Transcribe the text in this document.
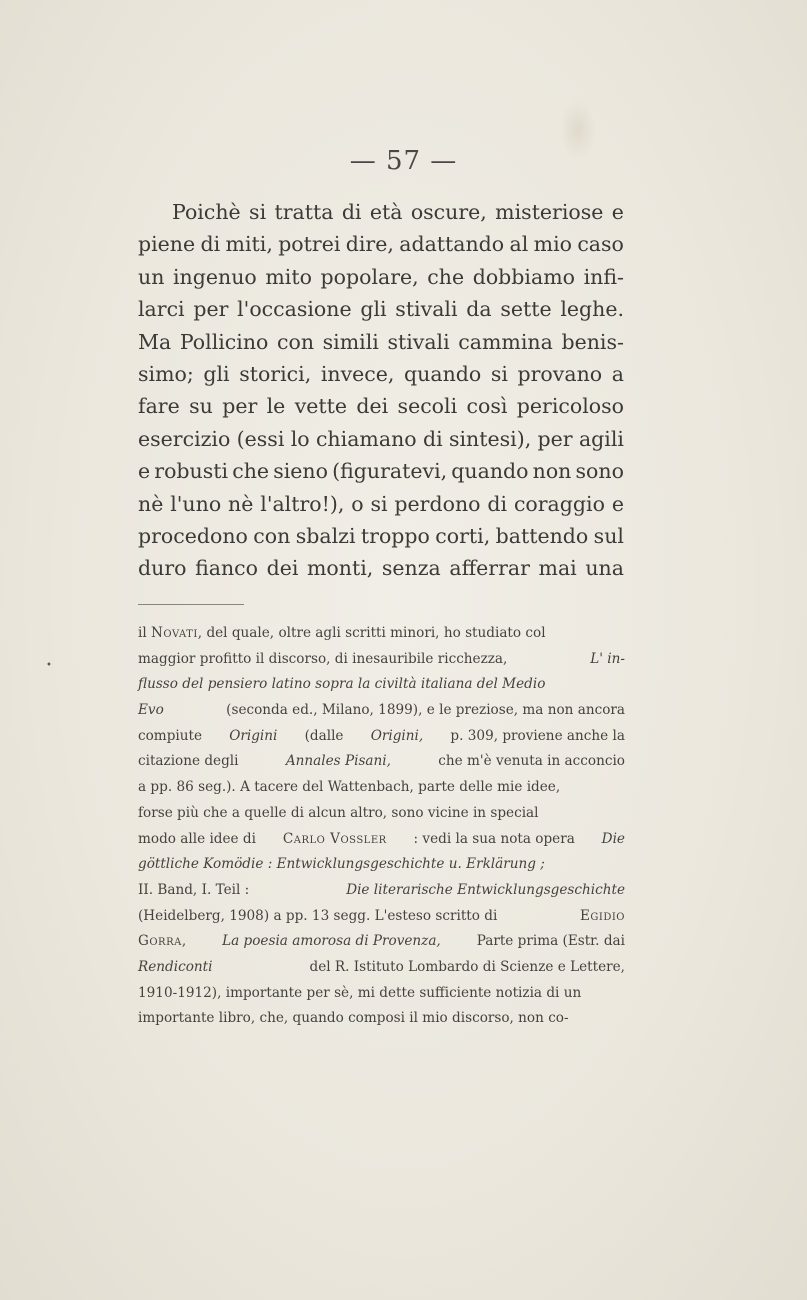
— 57 —
Poichè si tratta di età oscure, misteriose e
piene di miti, potrei dire, adattando al mio caso
un ingenuo mito popolare, che dobbiamo infi-
larci per l'occasione gli stivali da sette leghe.
Ma Pollicino con simili stivali cammina benis-
simo; gli storici, invece, quando si provano a
fare su per le vette dei secoli così pericoloso
esercizio (essi lo chiamano di sintesi), per agili
e robusti che sieno (figuratevi, quando non sono
nè l'uno nè l'altro!), o si perdono di coraggio e
procedono con sbalzi troppo corti, battendo sul
duro fianco dei monti, senza afferrar mai una
il Novati, del quale, oltre agli scritti minori, ho studiato col
maggior profitto il discorso, di inesauribile ricchezza,	L' in-
flusso del pensiero latino sopra la civiltà italiana del Medio
Evo	(seconda ed., Milano, 1899), e le preziose, ma non ancora
compiute Origini (dalle Origini, p. 309, proviene anche la
citazione degli	Annales Pisani,	che m'è venuta in acconcio
a pp. 86 seg.). A tacere del Wattenbach, parte delle mie idee,
forse più che a quelle di alcun altro, sono vicine in special
modo alle idee di Carlo Vossler : vedi la sua nota opera Die
göttliche Komödie : Entwicklungsgeschichte u. Erklärung ;
II. Band, I. Teil :	Die literarische Entwicklungsgeschichte
(Heidelberg, 1908) a pp. 13 segg. L'esteso scritto di	Egidio
Gorra,	La poesia amorosa di Provenza,	Parte prima (Estr. dai
Rendiconti	del R. Istituto Lombardo di Scienze e Lettere,
1910-1912), importante per sè, mi dette sufficiente notizia di un
importante libro, che, quando composi il mio discorso, non co-
•
